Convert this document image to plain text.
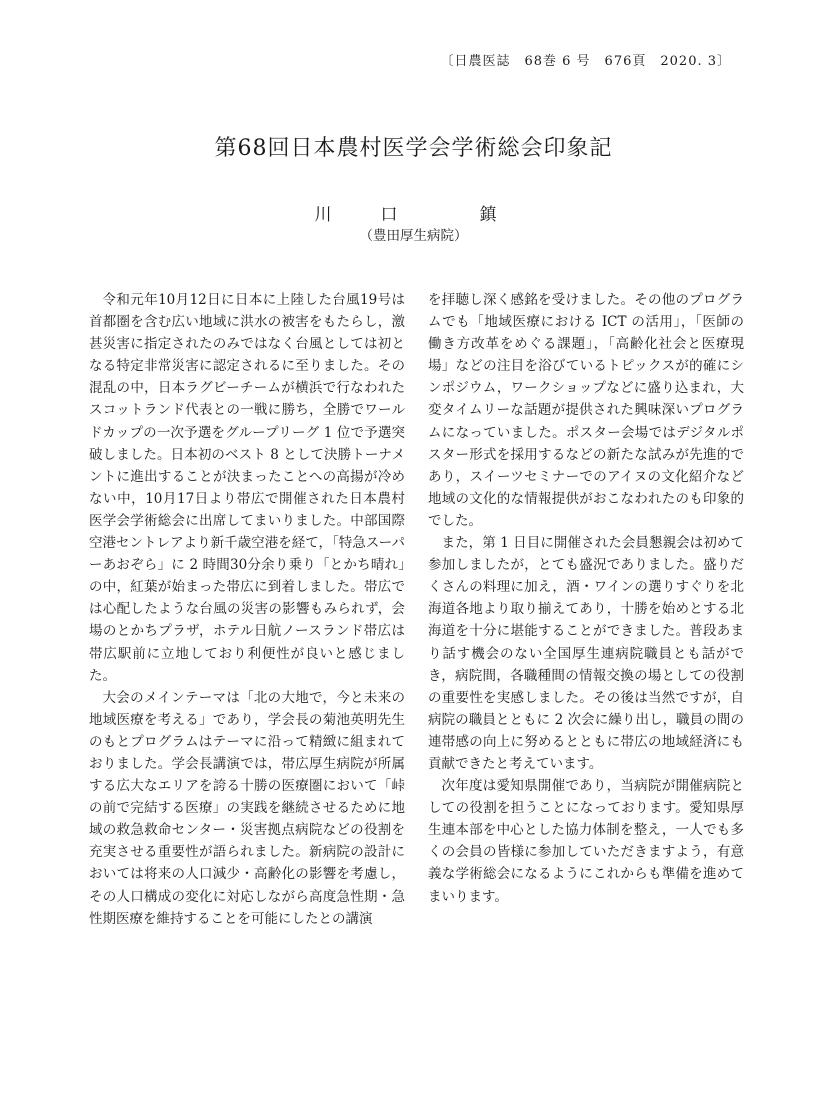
〔日農医誌　68巻 6 号　676頁　2020. 3〕
第68回日本農村医学会学術総会印象記
川　口　　鎮
（豊田厚生病院）

令和元年10月12日に日本に上陸した台風19号は首都圏を含む広い地域に洪水の被害をもたらし，激甚災害に指定されたのみではなく台風としては初となる特定非常災害に認定されるに至りました。その混乱の中，日本ラグビーチームが横浜で行なわれたスコットランド代表との一戦に勝ち，全勝でワールドカップの一次予選をグループリーグ 1 位で予選突破しました。日本初のベスト 8 として決勝トーナメントに進出することが決まったことへの高揚が冷めない中，10月17日より帯広で開催された日本農村医学会学術総会に出席してまいりました。中部国際空港セントレアより新千歳空港を経て，「特急スーパーあおぞら」に 2 時間30分余り乗り「とかち晴れ」の中，紅葉が始まった帯広に到着しました。帯広では心配したような台風の災害の影響もみられず，会場のとかちプラザ，ホテル日航ノースランド帯広は帯広駅前に立地しており利便性が良いと感じました。

大会のメインテーマは「北の大地で，今と未来の地域医療を考える」であり，学会長の菊池英明先生のもとプログラムはテーマに沿って精緻に組まれておりました。学会長講演では，帯広厚生病院が所属する広大なエリアを誇る十勝の医療圏において「峠の前で完結する医療」の実践を継続させるために地域の救急救命センター・災害拠点病院などの役割を充実させる重要性が語られました。新病院の設計においては将来の人口減少・高齢化の影響を考慮し，その人口構成の変化に対応しながら高度急性期・急性期医療を維持することを可能にしたとの講演

を拝聴し深く感銘を受けました。その他のプログラムでも「地域医療における ICT の活用」，「医師の働き方改革をめぐる課題」，「高齢化社会と医療現場」などの注目を浴びているトピックスが的確にシンポジウム，ワークショップなどに盛り込まれ，大変タイムリーな話題が提供された興味深いプログラムになっていました。ポスター会場ではデジタルポスター形式を採用するなどの新たな試みが先進的であり，スイーツセミナーでのアイヌの文化紹介など地域の文化的な情報提供がおこなわれたのも印象的でした。

また，第 1 日目に開催された会員懇親会は初めて参加しましたが，とても盛況でありました。盛りだくさんの料理に加え，酒・ワインの選りすぐりを北海道各地より取り揃えてあり，十勝を始めとする北海道を十分に堪能することができました。普段あまり話す機会のない全国厚生連病院職員とも話ができ，病院間，各職種間の情報交換の場としての役割の重要性を実感しました。その後は当然ですが，自病院の職員とともに 2 次会に繰り出し，職員の間の連帯感の向上に努めるとともに帯広の地域経済にも貢献できたと考えています。

次年度は愛知県開催であり，当病院が開催病院としての役割を担うことになっております。愛知県厚生連本部を中心とした協力体制を整え，一人でも多くの会員の皆様に参加していただきますよう，有意義な学術総会になるようにこれからも準備を進めてまいります。
